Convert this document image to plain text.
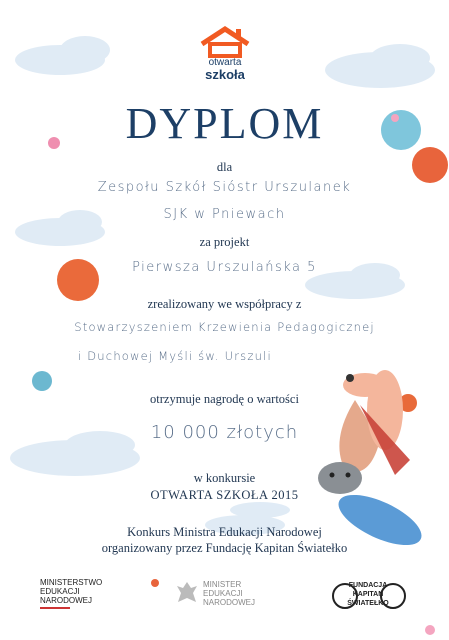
otwarta
szkoła
DYPLOM
dla
Zespołu Szkół Sióstr Urszulanek
SJK w Pniewach
za projekt
Pierwsza Urszulańska 5
zrealizowany we współpracy z
Stowarzyszeniem Krzewienia Pedagogicznej
i Duchowej Myśli św. Urszuli
otrzymuje nagrodę o wartości
10 000 złotych
w konkursie
OTWARTA SZKOŁA 2015
Konkurs Ministra Edukacji Narodowej
organizowany przez Fundację Kapitan Światełko
MINISTERSTWO
EDUKACJI
NARODOWEJ
MINISTER
EDUKACJI
NARODOWEJ
FUNDACJA
KAPITAN
ŚWIATEŁKO
